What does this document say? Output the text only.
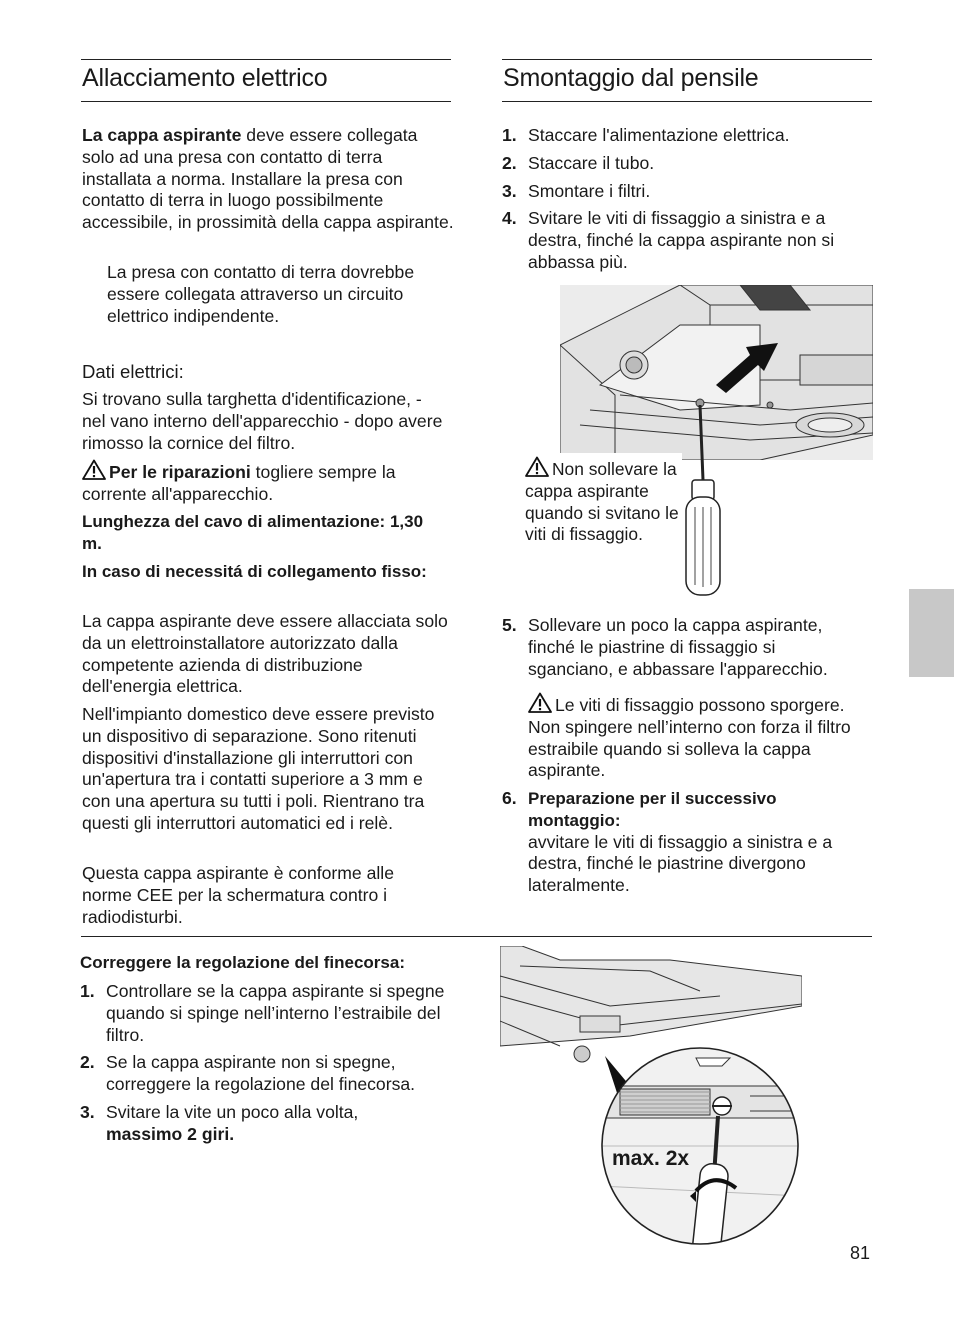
Allacciamento elettrico
La cappa aspirante deve essere collegata solo ad una presa con contatto di terra installata a norma. Installare la presa con contatto di terra in luogo possibilmente accessibile, in prossimità della cappa aspirante.
La presa con contatto di terra dovrebbe essere collegata attraverso un circuito elettrico indipendente.
Dati elettrici:
Si trovano sulla targhetta d'identificazione, - nel vano interno dell'apparecchio - dopo avere rimosso la cornice del filtro.
Per le riparazioni togliere sempre la corrente all'apparecchio.
Lunghezza del cavo di alimentazione: 1,30 m.
In caso di necessitá di collegamento fisso:
La cappa aspirante deve essere allacciata solo da un elettroinstallatore autorizzato dalla competente azienda di distribuzione dell'energia elettrica.
Nell'impianto domestico deve essere previsto un dispositivo di separazione. Sono ritenuti dispositivi d'installazione gli interruttori con un'apertura tra i contatti superiore a 3 mm e con una apertura su tutti i poli. Rientrano tra questi gli interruttori automatici ed i relè.
Questa cappa aspirante è conforme alle norme CEE per la schermatura contro i radiodisturbi.
Smontaggio dal pensile
1. Staccare l'alimentazione elettrica.
2. Staccare il tubo.
3. Smontare i filtri.
4. Svitare le viti di fissaggio a sinistra e a destra, finché la cappa aspirante non si abbassa più.
Non sollevare la cappa aspirante quando si svitano le viti di fissaggio.
5. Sollevare un poco la cappa aspirante, finché le piastrine di fissaggio si sganciano, e abbassare l'apparecchio.
Le viti di fissaggio possono sporgere. Non spingere nell’interno con forza il filtro estraibile quando si solleva la cappa aspirante.
6. Preparazione per il successivo montaggio:
avvitare le viti di fissaggio a sinistra e a destra, finché le piastrine divergono lateralmente.
Correggere la regolazione del finecorsa:
1. Controllare se la cappa aspirante si spegne quando si spinge nell’interno l’estraibile del filtro.
2. Se la cappa aspirante non si spegne, correggere la regolazione del finecorsa.
3. Svitare la vite un poco alla volta,
massimo 2 giri.
max. 2x
81
